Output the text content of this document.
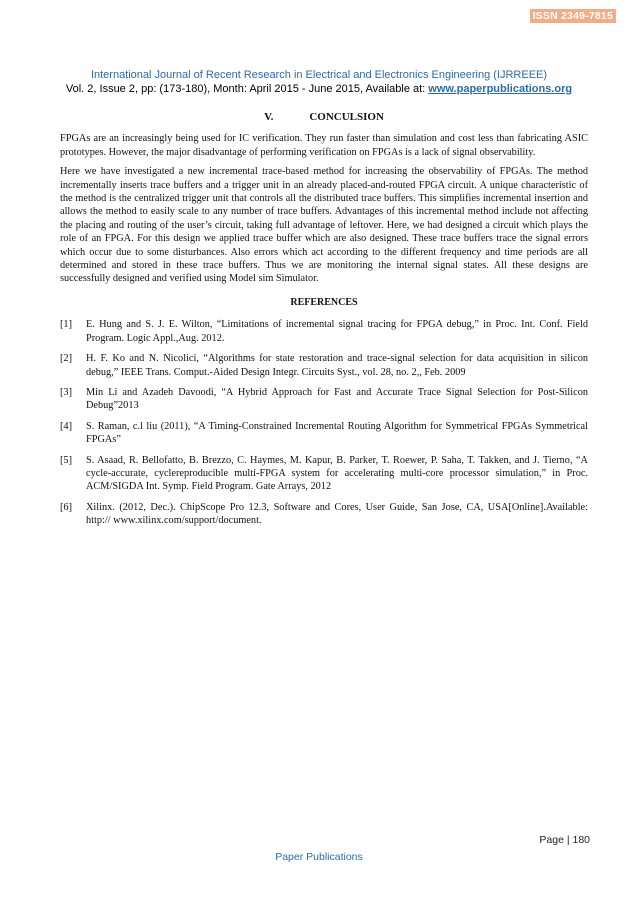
ISSN 2349-7815
International Journal of Recent Research in Electrical and Electronics Engineering (IJRREEE)
Vol. 2, Issue 2, pp: (173-180), Month: April 2015 - June 2015, Available at: www.paperpublications.org
V.	CONCULSION

FPGAs are an increasingly being used for IC verification. They run faster than simulation and cost less than fabricating ASIC prototypes. However, the major disadvantage of performing verification on FPGAs is a lack of signal observability.

Here we have investigated a new incremental trace-based method for increasing the observability of FPGAs. The method incrementally inserts trace buffers and a trigger unit in an already placed-and-routed FPGA circuit. A unique characteristic of the method is the centralized trigger unit that controls all the distributed trace buffers. This simplifies incremental insertion and allows the method to easily scale to any number of trace buffers. Advantages of this incremental method include not affecting the placing and routing of the user’s circuit, taking full advantage of leftover. Here, we had designed a circuit which plays the role of an FPGA. For this design we applied trace buffer which are also designed. These trace buffers trace the signal errors which occur due to some disturbances. Also errors which act according to the different frequency and time periods are all determined and stored in these trace buffers. Thus we are monitoring the internal signal states. All these designs are successfully designed and verified using Model sim Simulator.

REFERENCES
[1] E. Hung and S. J. E. Wilton, “Limitations of incremental signal tracing for FPGA debug,” in Proc. Int. Conf. Field Program. Logic Appl.,Aug. 2012.
[2] H. F. Ko and N. Nicolici, “Algorithms for state restoration and trace-signal selection for data acquisition in silicon debug,” IEEE Trans. Comput.-Aided Design Integr. Circuits Syst., vol. 28, no. 2,, Feb. 2009
[3] Min Li and Azadeh Davoodi, “A Hybrid Approach for Fast and Accurate Trace Signal Selection for Post-Silicon Debug”2013
[4] S. Raman, c.l liu (2011), “A Timing-Constrained Incremental Routing Algorithm for Symmetrical FPGAs Symmetrical FPGAs”
[5] S. Asaad, R. Bellofatto, B. Brezzo, C. Haymes, M. Kapur, B. Parker, T. Roewer, P. Saha, T. Takken, and J. Tierno, “A cycle-accurate, cyclereproducible multi-FPGA system for accelerating multi-core processor simulation,” in Proc. ACM/SIGDA Int. Symp. Field Program. Gate Arrays, 2012
[6] Xilinx. (2012, Dec.). ChipScope Pro 12.3, Software and Cores, User Guide, San Jose, CA, USA[Online].Available: http:// www.xilinx.com/support/document.
Page | 180
Paper Publications
